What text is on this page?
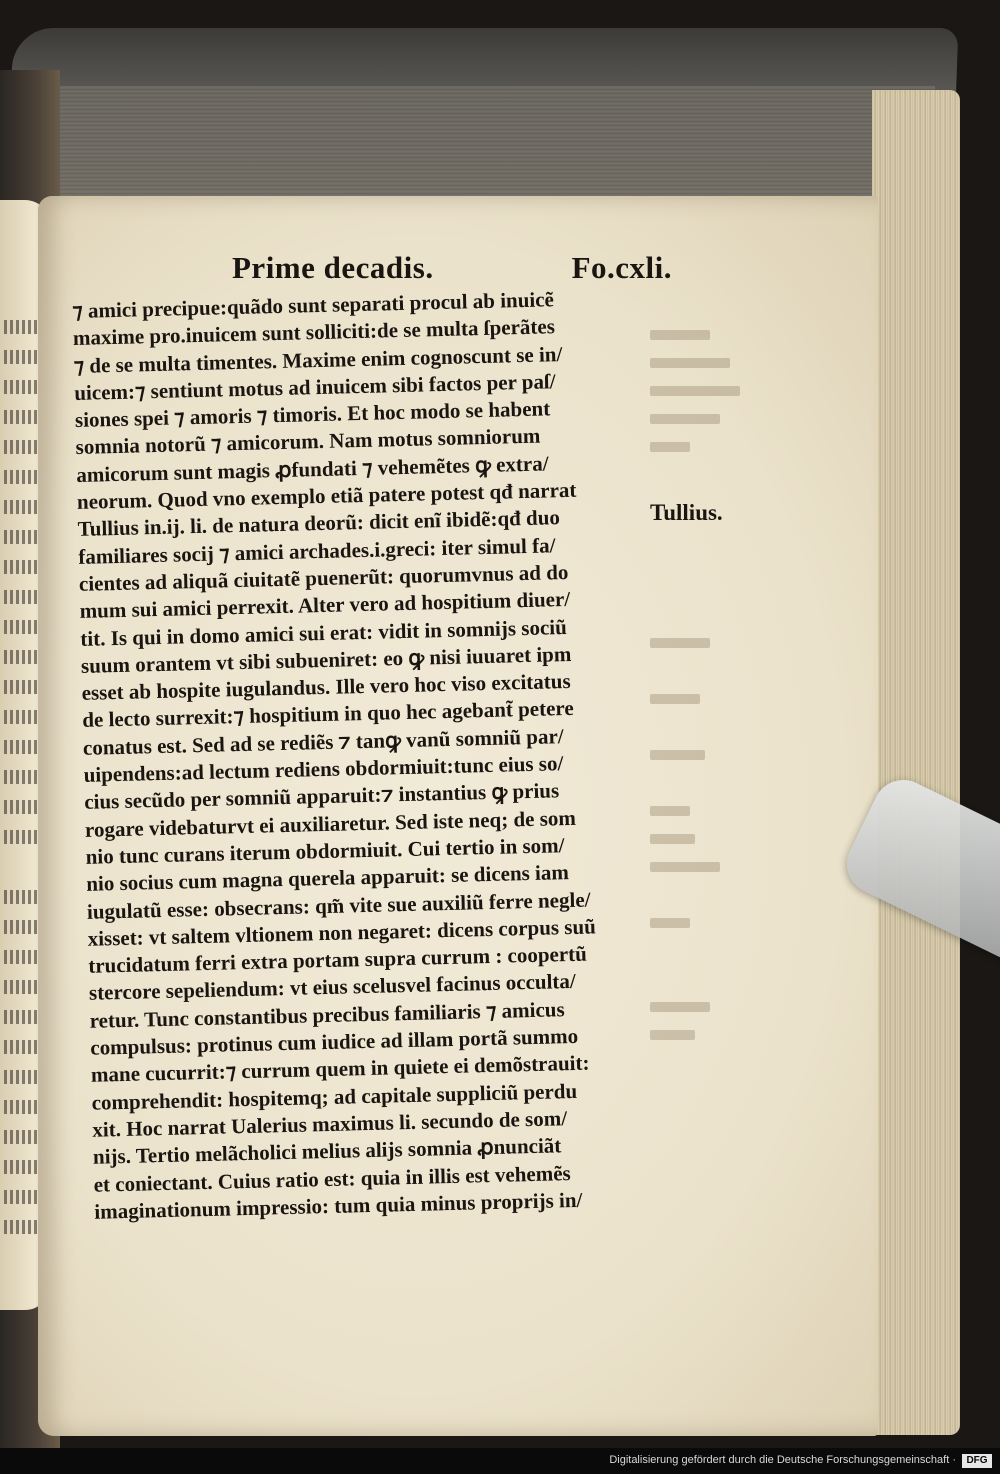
Prime decadis.	Fo.cxli.
⁊ amici precipue:quãdo sunt separati procul ab inuicẽ
maxime pro.inuicem sunt solliciti:de se multa ſperãtes
⁊ de se multa timentes. Maxime enim cognoscunt se in/
uicem:⁊ sentiunt motus ad inuicem sibi factos per paſ/
siones spei ⁊ amoris ⁊ timoris. Et hoc modo se habent
somnia notorũ ⁊ amicorum. Nam motus somniorum
amicorum sunt magis ꝓfundati ⁊ vehemẽtes ꝙ extra/
neorum. Quod vno exemplo etiã patere potest qđ narrat
Tullius in.ij. li. de natura deorũ: dicit enĩ ibidẽ:qđ duo
familiares socij ⁊ amici archades.i.greci: iter simul fa/
cientes ad aliquã ciuitatẽ puenerũt: quorumvnus ad do
mum sui amici perrexit. Alter vero ad hospitium diuer/
tit. Is qui in domo amici sui erat: vidit in somnijs sociũ
suum orantem vt sibi subueniret: eo ꝙ nisi iuuaret ipm
esset ab hospite iugulandus. Ille vero hoc viso excitatus
de lecto surrexit:⁊ hospitium in quo hec agebant̃ petere
conatus est. Sed ad se rediẽs ⁊ tanꝙ vanũ somniũ par/
uipendens:ad lectum rediens obdormiuit:tunc eius so/
cius secũdo per somniũ apparuit:⁊ instantius ꝙ prius
rogare videbaturvt ei auxiliaretur. Sed iste neq; de som
nio tunc curans iterum obdormiuit. Cui tertio in som/
nio socius cum magna querela apparuit: se dicens iam
iugulatũ esse: obsecrans: qm̃ vite sue auxiliũ ferre negle/
xisset: vt saltem vltionem non negaret: dicens corpus suũ
trucidatum ferri extra portam supra currum : coopertũ
stercore sepeliendum: vt eius scelusvel facinus occulta/
retur. Tunc constantibus precibus familiaris ⁊ amicus
compulsus: protinus cum iudice ad illam portã summo
mane cucurrit:⁊ currum quem in quiete ei demõstrauit:
comprehendit: hospitemq; ad capitale suppliciũ perdu
xit. Hoc narrat Ualerius maximus li. secundo de som/
nijs. Tertio melãcholici melius alijs somnia ꝓnunciãt
et coniectant. Cuius ratio est: quia in illis est vehemẽs
imaginationum impressio: tum quia minus proprijs in/
Tullius.
Digitalisierung gefördert durch die Deutsche Forschungsgemeinschaft ·	DFG
